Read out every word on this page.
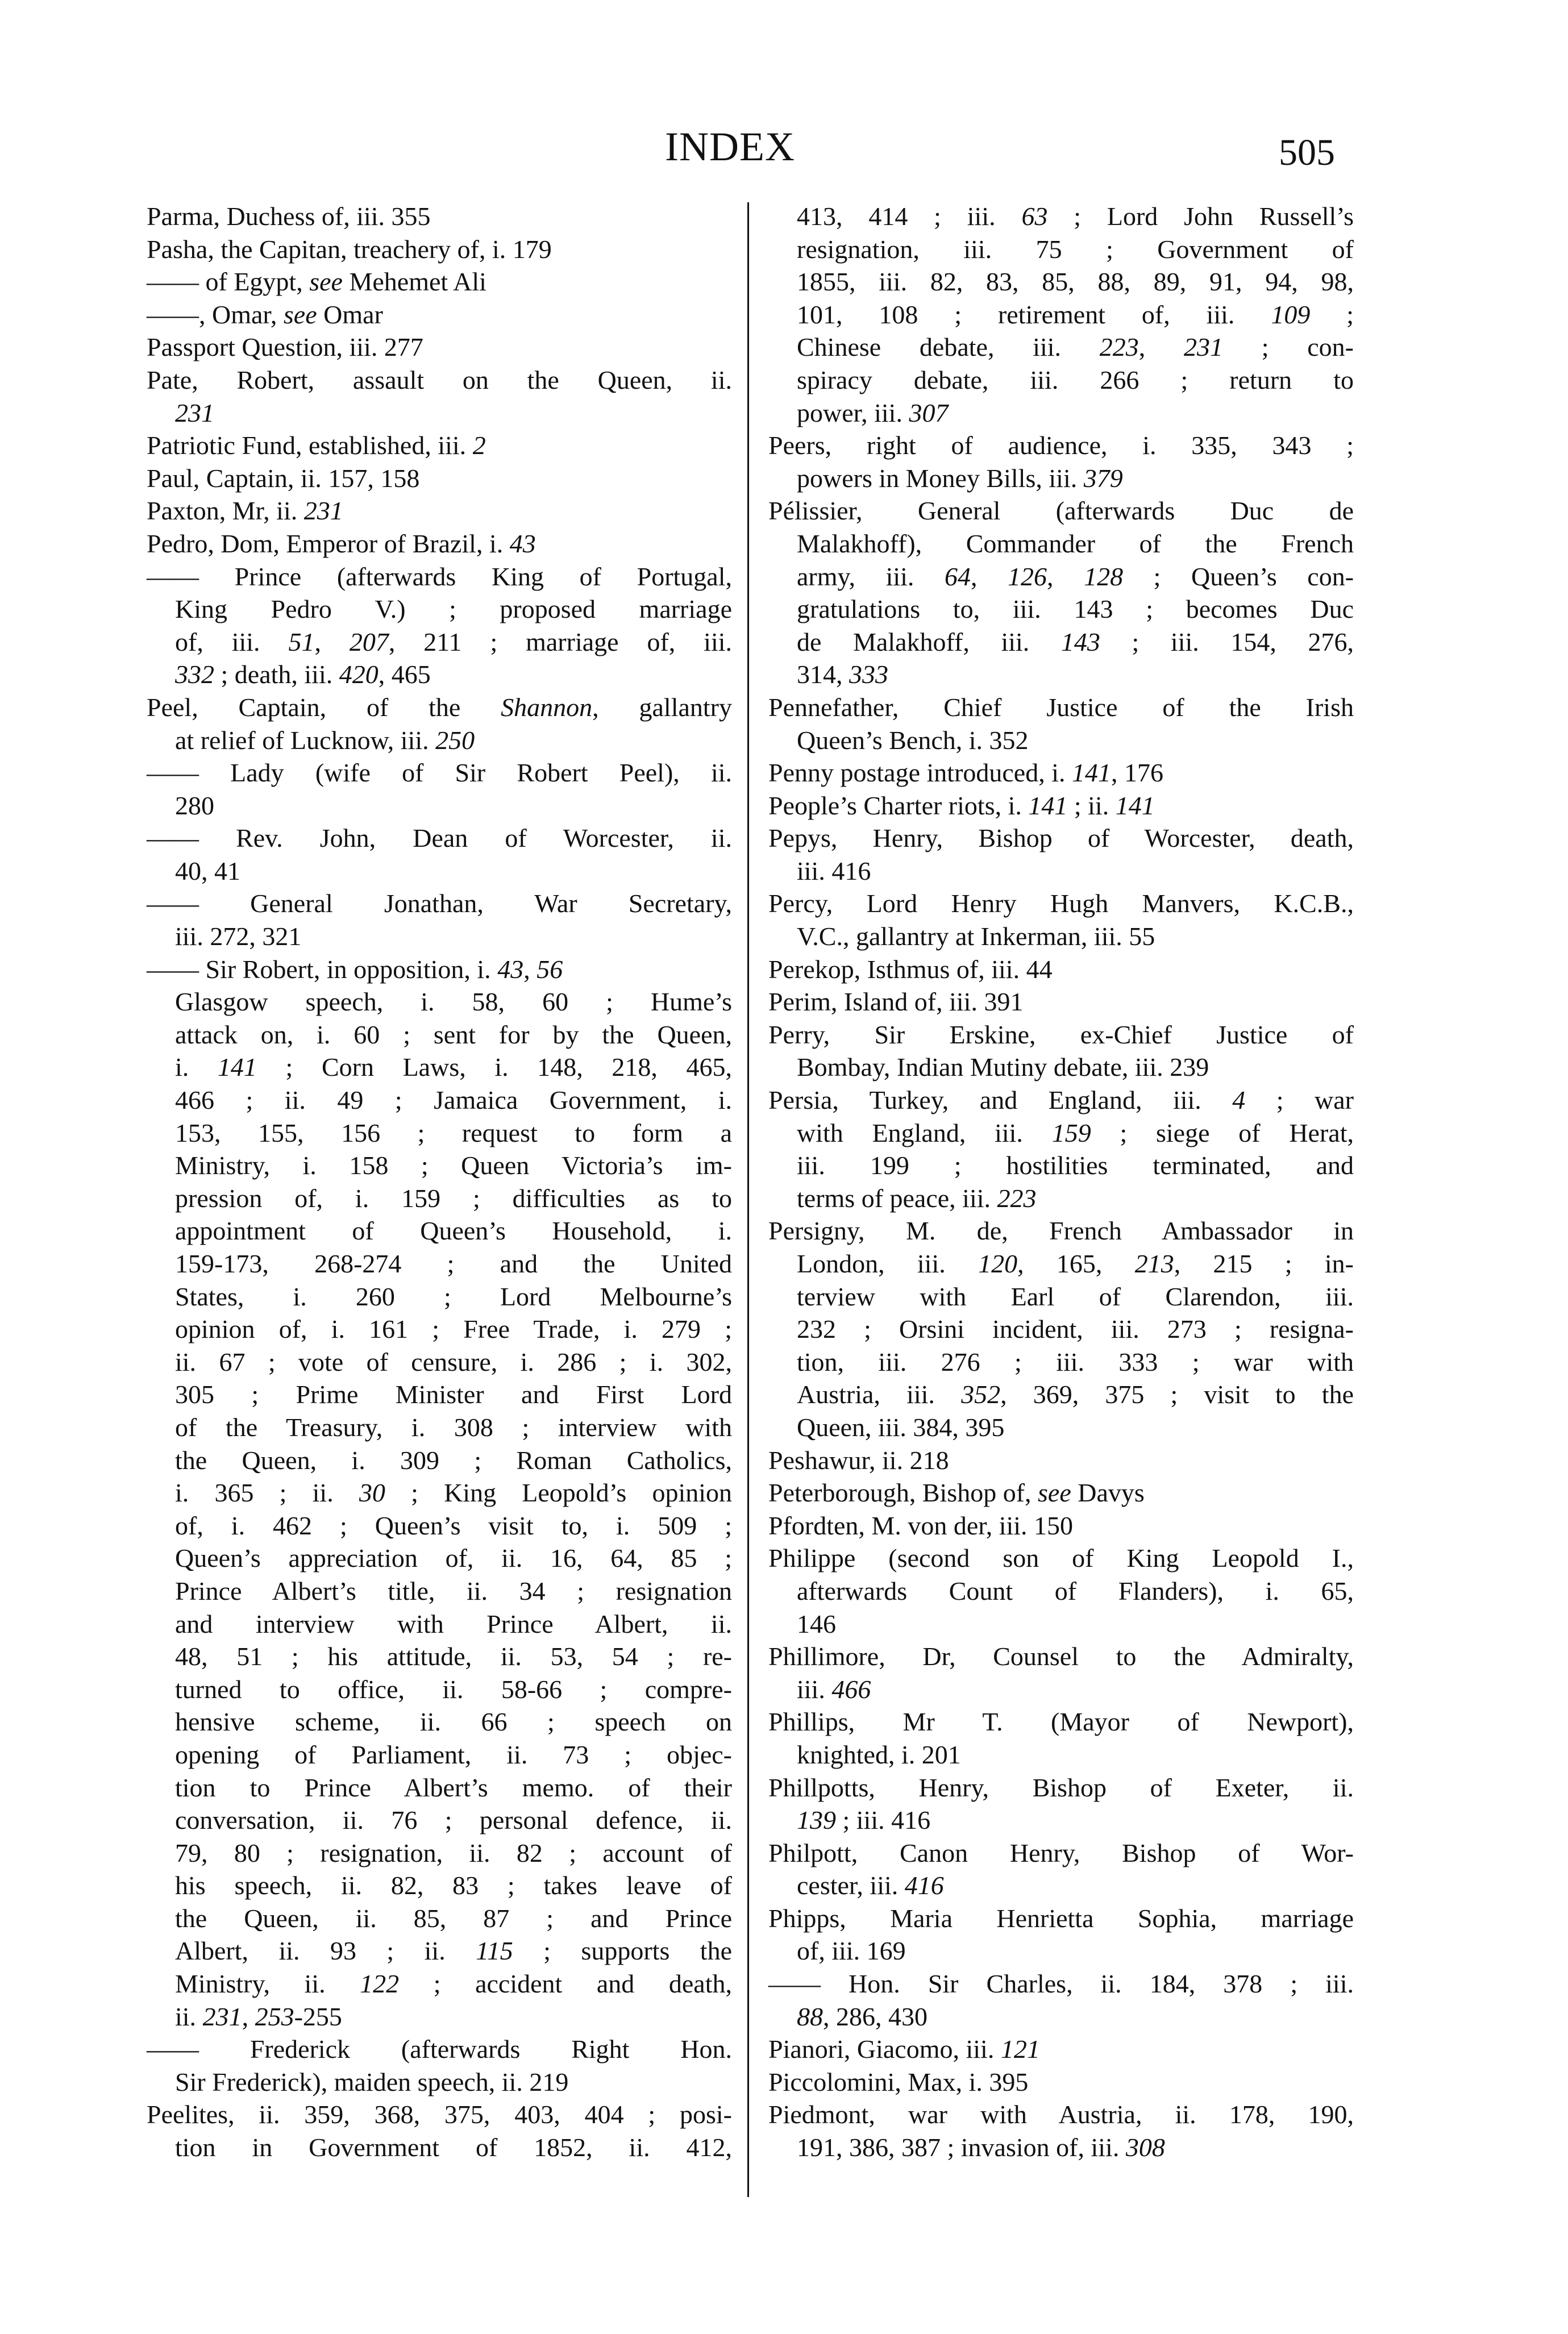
INDEX	505
Parma, Duchess of, iii. 355
Pasha, the Capitan, treachery of, i. 179
—— of Egypt, see Mehemet Ali
——, Omar, see Omar
Passport Question, iii. 277
Pate, Robert, assault on the Queen, ii.
231
Patriotic Fund, established, iii. 2
Paul, Captain, ii. 157, 158
Paxton, Mr, ii. 231
Pedro, Dom, Emperor of Brazil, i. 43
—— Prince (afterwards King of Portugal,
King Pedro V.) ; proposed marriage
of, iii. 51, 207, 211 ; marriage of, iii.
332 ; death, iii. 420, 465
Peel, Captain, of the Shannon, gallantry
at relief of Lucknow, iii. 250
—— Lady (wife of Sir Robert Peel), ii.
280
—— Rev. John, Dean of Worcester, ii.
40, 41
—— General Jonathan, War Secretary,
iii. 272, 321
—— Sir Robert, in opposition, i. 43, 56
Glasgow speech, i. 58, 60 ; Hume’s
attack on, i. 60 ; sent for by the Queen,
i. 141 ; Corn Laws, i. 148, 218, 465,
466 ; ii. 49 ; Jamaica Government, i.
153, 155, 156 ; request to form a
Ministry, i. 158 ; Queen Victoria’s im-
pression of, i. 159 ; difficulties as to
appointment of Queen’s Household, i.
159-173, 268-274 ; and the United
States, i. 260 ; Lord Melbourne’s
opinion of, i. 161 ; Free Trade, i. 279 ;
ii. 67 ; vote of censure, i. 286 ; i. 302,
305 ; Prime Minister and First Lord
of the Treasury, i. 308 ; interview with
the Queen, i. 309 ; Roman Catholics,
i. 365 ; ii. 30 ; King Leopold’s opinion
of, i. 462 ; Queen’s visit to, i. 509 ;
Queen’s appreciation of, ii. 16, 64, 85 ;
Prince Albert’s title, ii. 34 ; resignation
and interview with Prince Albert, ii.
48, 51 ; his attitude, ii. 53, 54 ; re-
turned to office, ii. 58-66 ; compre-
hensive scheme, ii. 66 ; speech on
opening of Parliament, ii. 73 ; objec-
tion to Prince Albert’s memo. of their
conversation, ii. 76 ; personal defence, ii.
79, 80 ; resignation, ii. 82 ; account of
his speech, ii. 82, 83 ; takes leave of
the Queen, ii. 85, 87 ; and Prince
Albert, ii. 93 ; ii. 115 ; supports the
Ministry, ii. 122 ; accident and death,
ii. 231, 253-255
—— Frederick (afterwards Right Hon.
Sir Frederick), maiden speech, ii. 219
Peelites, ii. 359, 368, 375, 403, 404 ; posi-
tion in Government of 1852, ii. 412,
413, 414 ; iii. 63 ; Lord John Russell’s
resignation, iii. 75 ; Government of
1855, iii. 82, 83, 85, 88, 89, 91, 94, 98,
101, 108 ; retirement of, iii. 109 ;
Chinese debate, iii. 223, 231 ; con-
spiracy debate, iii. 266 ; return to
power, iii. 307
Peers, right of audience, i. 335, 343 ;
powers in Money Bills, iii. 379
Pélissier, General (afterwards Duc de
Malakhoff), Commander of the French
army, iii. 64, 126, 128 ; Queen’s con-
gratulations to, iii. 143 ; becomes Duc
de Malakhoff, iii. 143 ; iii. 154, 276,
314, 333
Pennefather, Chief Justice of the Irish
Queen’s Bench, i. 352
Penny postage introduced, i. 141, 176
People’s Charter riots, i. 141 ; ii. 141
Pepys, Henry, Bishop of Worcester, death,
iii. 416
Percy, Lord Henry Hugh Manvers, K.C.B.,
V.C., gallantry at Inkerman, iii. 55
Perekop, Isthmus of, iii. 44
Perim, Island of, iii. 391
Perry, Sir Erskine, ex-Chief Justice of
Bombay, Indian Mutiny debate, iii. 239
Persia, Turkey, and England, iii. 4 ; war
with England, iii. 159 ; siege of Herat,
iii. 199 ; hostilities terminated, and
terms of peace, iii. 223
Persigny, M. de, French Ambassador in
London, iii. 120, 165, 213, 215 ; in-
terview with Earl of Clarendon, iii.
232 ; Orsini incident, iii. 273 ; resigna-
tion, iii. 276 ; iii. 333 ; war with
Austria, iii. 352, 369, 375 ; visit to the
Queen, iii. 384, 395
Peshawur, ii. 218
Peterborough, Bishop of, see Davys
Pfordten, M. von der, iii. 150
Philippe (second son of King Leopold I.,
afterwards Count of Flanders), i. 65,
146
Phillimore, Dr, Counsel to the Admiralty,
iii. 466
Phillips, Mr T. (Mayor of Newport),
knighted, i. 201
Phillpotts, Henry, Bishop of Exeter, ii.
139 ; iii. 416
Philpott, Canon Henry, Bishop of Wor-
cester, iii. 416
Phipps, Maria Henrietta Sophia, marriage
of, iii. 169
—— Hon. Sir Charles, ii. 184, 378 ; iii.
88, 286, 430
Pianori, Giacomo, iii. 121
Piccolomini, Max, i. 395
Piedmont, war with Austria, ii. 178, 190,
191, 386, 387 ; invasion of, iii. 308
